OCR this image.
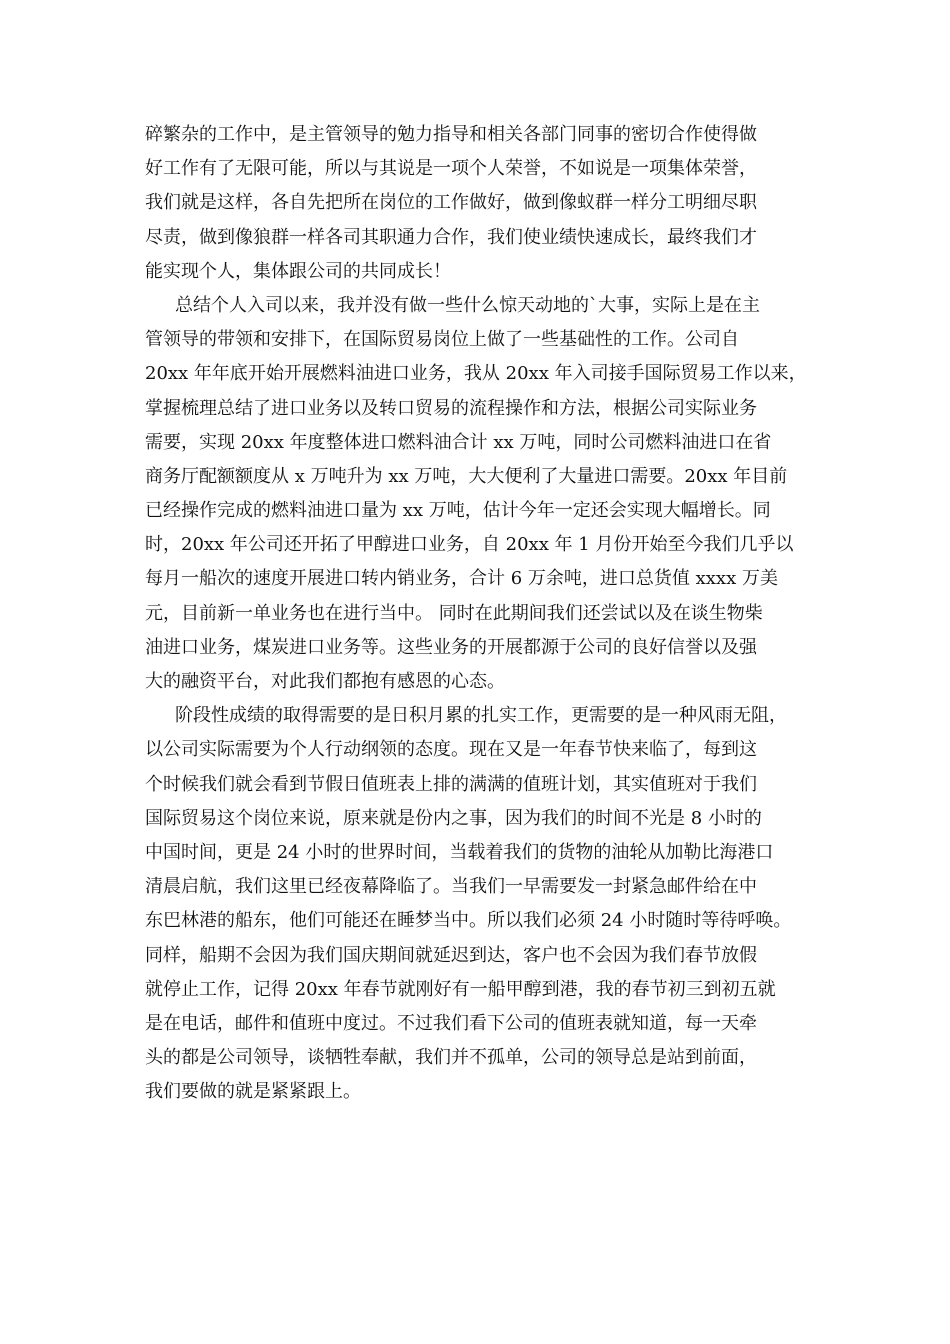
碎繁杂的工作中，是主管领导的勉力指导和相关各部门同事的密切合作使得做
好工作有了无限可能，所以与其说是一项个人荣誉，不如说是一项集体荣誉，
我们就是这样，各自先把所在岗位的工作做好，做到像蚁群一样分工明细尽职
尽责，做到像狼群一样各司其职通力合作，我们使业绩快速成长，最终我们才
能实现个人，集体跟公司的共同成长！
总结个人入司以来，我并没有做一些什么惊天动地的`大事，实际上是在主
管领导的带领和安排下，在国际贸易岗位上做了一些基础性的工作。公司自
20xx 年年底开始开展燃料油进口业务，我从 20xx 年入司接手国际贸易工作以来，
掌握梳理总结了进口业务以及转口贸易的流程操作和方法，根据公司实际业务
需要，实现 20xx 年度整体进口燃料油合计 xx 万吨，同时公司燃料油进口在省
商务厅配额额度从 x 万吨升为 xx 万吨，大大便利了大量进口需要。20xx 年目前
已经操作完成的燃料油进口量为 xx 万吨，估计今年一定还会实现大幅增长。同
时，20xx 年公司还开拓了甲醇进口业务，自 20xx 年 1 月份开始至今我们几乎以
每月一船次的速度开展进口转内销业务，合计 6 万余吨，进口总货值 xxxx 万美
元，目前新一单业务也在进行当中。 同时在此期间我们还尝试以及在谈生物柴
油进口业务，煤炭进口业务等。这些业务的开展都源于公司的良好信誉以及强
大的融资平台，对此我们都抱有感恩的心态。
阶段性成绩的取得需要的是日积月累的扎实工作，更需要的是一种风雨无阻，
以公司实际需要为个人行动纲领的态度。现在又是一年春节快来临了，每到这
个时候我们就会看到节假日值班表上排的满满的值班计划，其实值班对于我们
国际贸易这个岗位来说，原来就是份内之事，因为我们的时间不光是 8 小时的
中国时间，更是 24 小时的世界时间，当载着我们的货物的油轮从加勒比海港口
清晨启航，我们这里已经夜幕降临了。当我们一早需要发一封紧急邮件给在中
东巴林港的船东，他们可能还在睡梦当中。所以我们必须 24 小时随时等待呼唤。
同样，船期不会因为我们国庆期间就延迟到达，客户也不会因为我们春节放假
就停止工作，记得 20xx 年春节就刚好有一船甲醇到港，我的春节初三到初五就
是在电话，邮件和值班中度过。不过我们看下公司的值班表就知道，每一天牵
头的都是公司领导，谈牺牲奉献，我们并不孤单，公司的领导总是站到前面，
我们要做的就是紧紧跟上。
